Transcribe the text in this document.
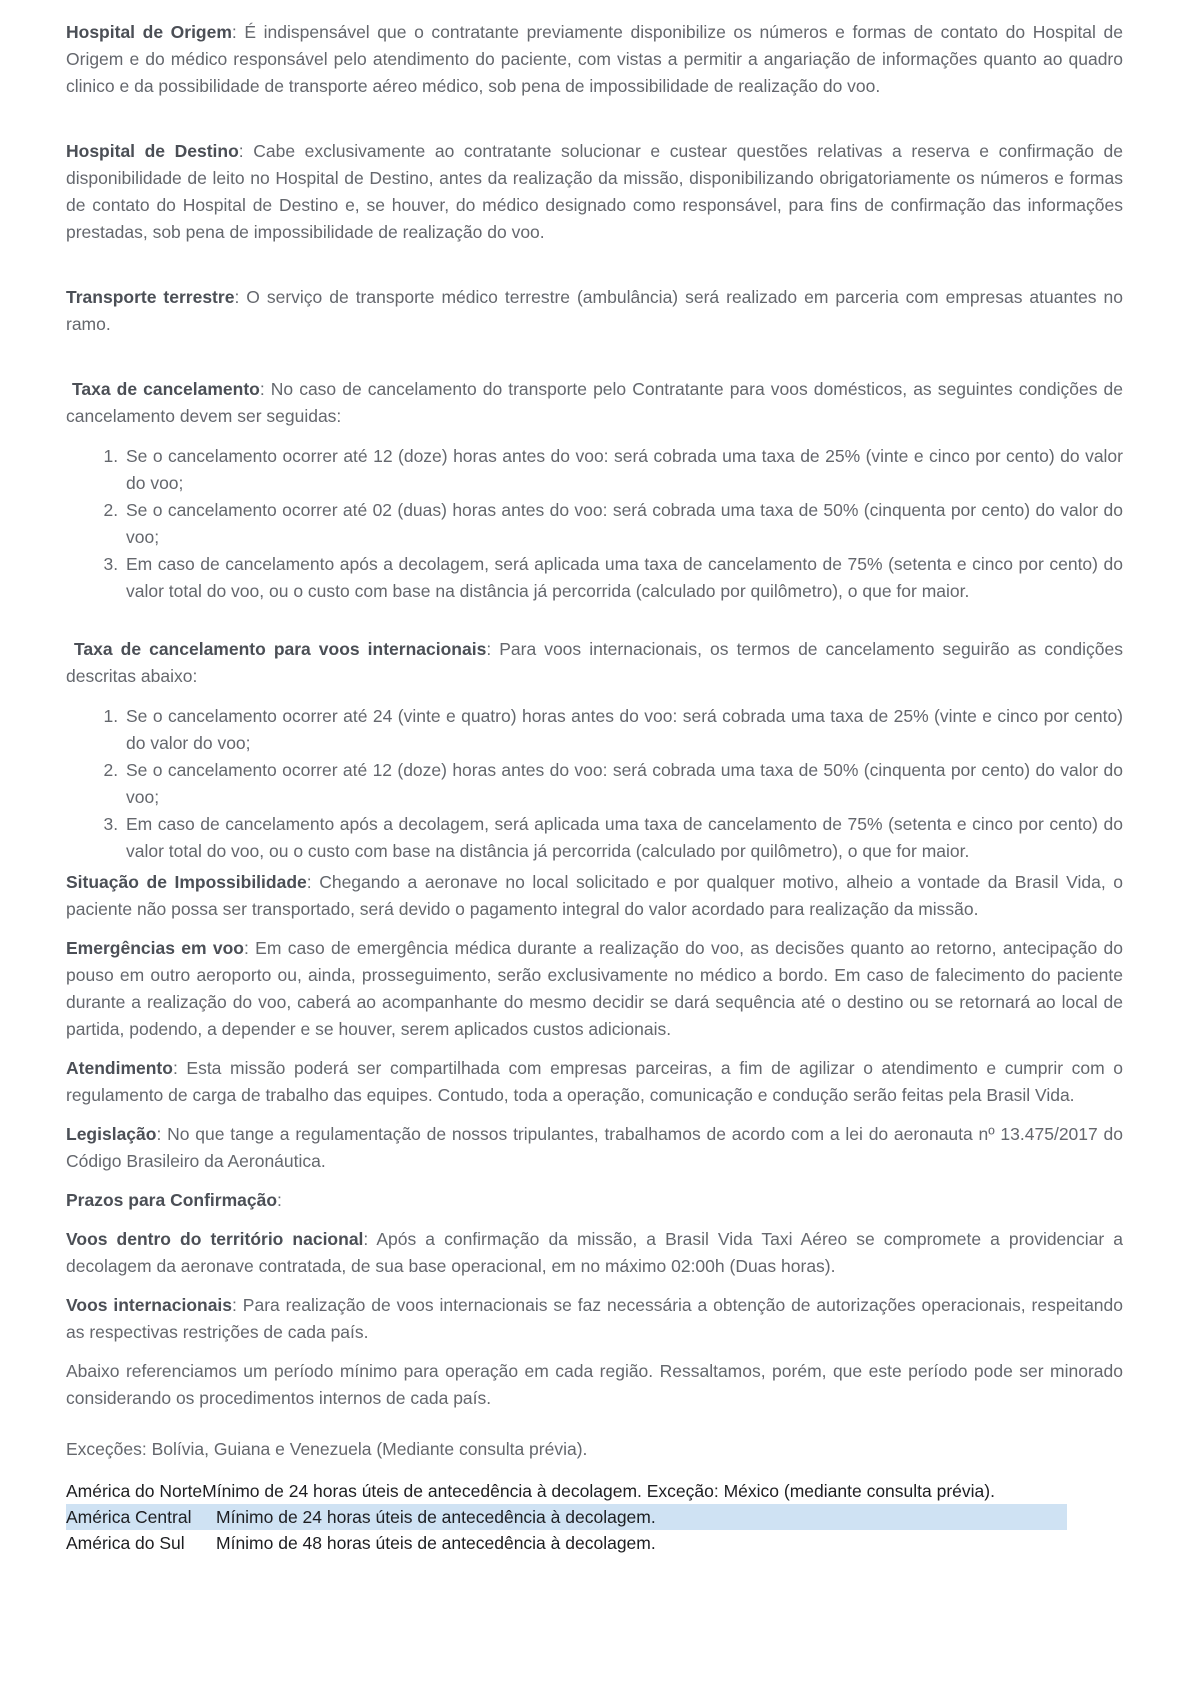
Hospital de Origem: É indispensável que o contratante previamente disponibilize os números e formas de contato do Hospital de Origem e do médico responsável pelo atendimento do paciente, com vistas a permitir a angariação de informações quanto ao quadro clinico e da possibilidade de transporte aéreo médico, sob pena de impossibilidade de realização do voo.

Hospital de Destino: Cabe exclusivamente ao contratante solucionar e custear questões relativas a reserva e confirmação de disponibilidade de leito no Hospital de Destino, antes da realização da missão, disponibilizando obrigatoriamente os números e formas de contato do Hospital de Destino e, se houver, do médico designado como responsável, para fins de confirmação das informações prestadas, sob pena de impossibilidade de realização do voo.

Transporte terrestre: O serviço de transporte médico terrestre (ambulância) será realizado em parceria com empresas atuantes no ramo.

Taxa de cancelamento: No caso de cancelamento do transporte pelo Contratante para voos domésticos, as seguintes condições de cancelamento devem ser seguidas:

1. Se o cancelamento ocorrer até 12 (doze) horas antes do voo: será cobrada uma taxa de 25% (vinte e cinco por cento) do valor do voo;
2. Se o cancelamento ocorrer até 02 (duas) horas antes do voo: será cobrada uma taxa de 50% (cinquenta por cento) do valor do voo;
3. Em caso de cancelamento após a decolagem, será aplicada uma taxa de cancelamento de 75% (setenta e cinco por cento) do valor total do voo, ou o custo com base na distância já percorrida (calculado por quilômetro), o que for maior.

Taxa de cancelamento para voos internacionais: Para voos internacionais, os termos de cancelamento seguirão as condições descritas abaixo:

1. Se o cancelamento ocorrer até 24 (vinte e quatro) horas antes do voo: será cobrada uma taxa de 25% (vinte e cinco por cento) do valor do voo;
2. Se o cancelamento ocorrer até 12 (doze) horas antes do voo: será cobrada uma taxa de 50% (cinquenta por cento) do valor do voo;
3. Em caso de cancelamento após a decolagem, será aplicada uma taxa de cancelamento de 75% (setenta e cinco por cento) do valor total do voo, ou o custo com base na distância já percorrida (calculado por quilômetro), o que for maior.

Situação de Impossibilidade: Chegando a aeronave no local solicitado e por qualquer motivo, alheio a vontade da Brasil Vida, o paciente não possa ser transportado, será devido o pagamento integral do valor acordado para realização da missão.

Emergências em voo: Em caso de emergência médica durante a realização do voo, as decisões quanto ao retorno, antecipação do pouso em outro aeroporto ou, ainda, prosseguimento, serão exclusivamente no médico a bordo. Em caso de falecimento do paciente durante a realização do voo, caberá ao acompanhante do mesmo decidir se dará sequência até o destino ou se retornará ao local de partida, podendo, a depender e se houver, serem aplicados custos adicionais.

Atendimento: Esta missão poderá ser compartilhada com empresas parceiras, a fim de agilizar o atendimento e cumprir com o regulamento de carga de trabalho das equipes. Contudo, toda a operação, comunicação e condução serão feitas pela Brasil Vida.

Legislação: No que tange a regulamentação de nossos tripulantes, trabalhamos de acordo com a lei do aeronauta nº 13.475/2017 do Código Brasileiro da Aeronáutica.

Prazos para Confirmação:

Voos dentro do território nacional: Após a confirmação da missão, a Brasil Vida Taxi Aéreo se compromete a providenciar a decolagem da aeronave contratada, de sua base operacional, em no máximo 02:00h (Duas horas).

Voos internacionais: Para realização de voos internacionais se faz necessária a obtenção de autorizações operacionais, respeitando as respectivas restrições de cada país.

Abaixo referenciamos um período mínimo para operação em cada região. Ressaltamos, porém, que este período pode ser minorado considerando os procedimentos internos de cada país.

Exceções: Bolívia, Guiana e Venezuela (Mediante consulta prévia).

América do Norte Mínimo de 24 horas úteis de antecedência à decolagem. Exceção: México (mediante consulta prévia).
América Central	Mínimo de 24 horas úteis de antecedência à decolagem.
América do Sul	Mínimo de 48 horas úteis de antecedência à decolagem.
